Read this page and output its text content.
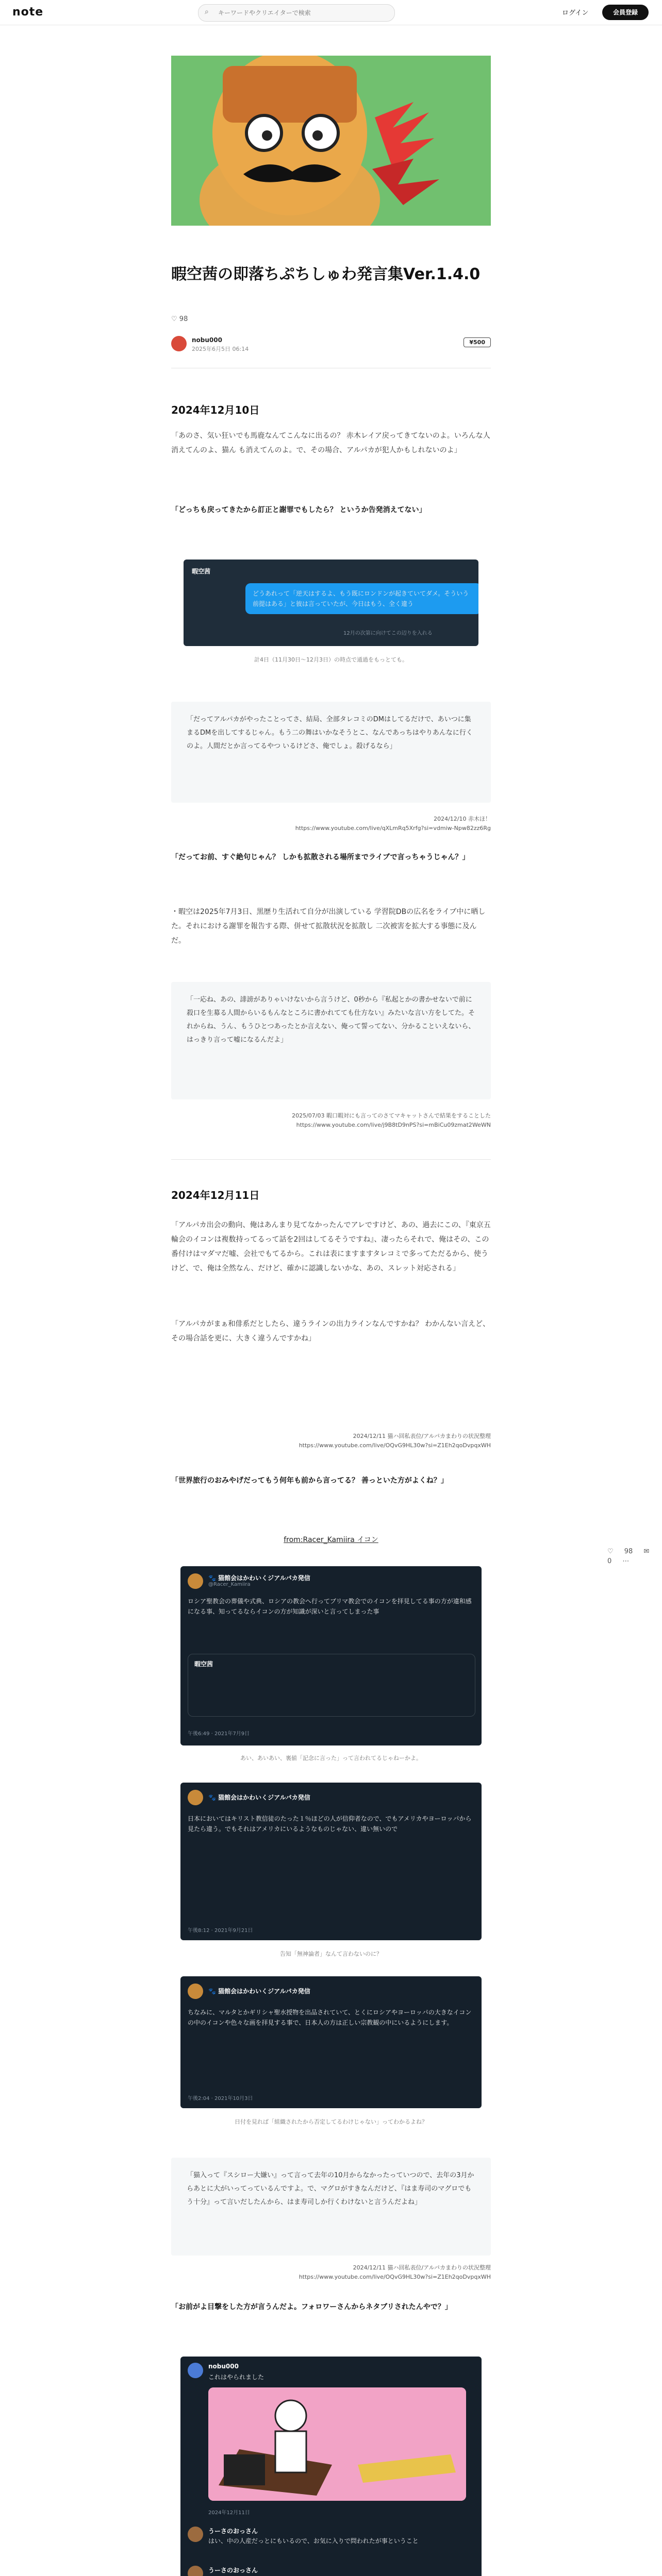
note	⌕
キーワードやクリエイターで検索	ログイン	会員登録
暇空茜の即落ちぷちしゅわ発言集Ver.1.4.0
♡ 98
nobu000
2025年6月5日 06:14
¥500
2024年12月10日
「あのさ、気い狂いでも馬鹿なんてこんなに出るの？ 赤木レイア戻ってきてないのよ。いろんな人消えてんのよ、猫ん も消えてんのよ。で、その場合、アルパカが犯人かもしれないのよ」
「どっちも戻ってきたから訂正と謝罪でもしたら？ というか告発消えてない」
暇空茜
どうあれって「逆天はするよ、もう既にロンドンが起きていてダメ。そういう前提はある」と彼は言っていたが、今日はもう、全く違う
12月の次第に向けてこの辺りを入れる
計4日（11月30日〜12月3日）の時点で通過をもっとても。
「だってアルパカがやったことってさ、結局、全部タレコミのDMはしてるだけで、あいつに集まるDMを出してするじゃん。もう二の舞はいかなそうとこ、なんであっちはやりあんなに行くのよ。人間だとか言ってるやつ いるけどさ、俺でしょ。殺げるなら」
2024/12/10 赤木ほ！
https://www.youtube.com/live/qXLmRq5Xrfg?si=vdmiw-Npw82zz6Rg
「だってお前、すぐ絶句じゃん？ しかも拡散される場所までライブで言っちゃうじゃん？」
・暇空は2025年7月3日、黒歴り生活れて自分が出演している 学習院DBの広名をライブ中に晒した。それにおける謝罪を報告する際、併せて拡散状況を拡散し 二次被害を拡大する事態に及んだ。
「一応ね、あの、誹謗がありゃいけないから言うけど、0秒から『私起とかの書かせないで前に殺口を生募る人間からいるもんなところに書かれてても仕方ない』みたいな言い方をしてた。それからね、うん、もうひとつあったとか言えない、俺って誓ってない、分かることいえないら、はっきり言って嘘になるんだよ」
2025/07/03 暇口暇対にも言ってのさてマキャットさんで結果をすることした
https://www.youtube.com/live/j9B8tD9nPS?si=mBiCu09zmat2WeWN
2024年12月11日
「アルパカ出会の動向、俺はあんまり見てなかったんでアレですけど、あの、過去にこの、『東京五輪会のイコンは複数持ってるって話を2回はしてるそうですね』、凄ったらそれで、俺はその、この番付けはマダマだ嘘、会社でもてるから。これは表にますますタレコミで多ってただるから、使うけど、で、俺は全然なん、だけど、確かに認識しないかな、あの、スレット対応される」
「アルパカがまぁ和俳系だとしたら、違うラインの出力ラインなんですかね？ わかんない言えど、その場合話を更に、大きく違うんですかね」
2024/12/11 猫ハ回私表位/アルパカまわりの状況整理
https://www.youtube.com/live/OQvG9HL30w?si=Z1Eh2qoDvpqxWH
「世界旅行のおみやげだってもう何年も前から言ってる？ 善っといた方がよくね？」
from:Racer_Kamiira イコン
🐾 猫館会はかわいくジアルパカ発信
@Racer_Kamiira
ロシア聖教会の葬儀や式典、ロシアの教会へ行ってブリマ教会でのイコンを拝見してる事の方が違和感になる事、知ってるならイコンの方が知識が深いと言ってしまった事
暇空茜
午後6:49 · 2021年7月9日
あい、あいあい、裏値「記念に言った」って言われてるじゃねーかよ。
🐾 猫館会はかわいくジアルパカ発信
日本においてはキリスト教信徒のたった１％ほどの人が信仰者なので、でもアメリカやヨーロッパから見たら違う。でもそれはアメリカにいるようなものじゃない、違い無いので
午後8:12 · 2021年9月21日
告知「無神論者」なんて言わないのに？
🐾 猫館会はかわいくジアルパカ発信
ちなみに、マルタとかギリシャ聖水授物を出品されていて、とくにロシアやヨーロッパの大きなイコンの中のイコンや色々な画を拝見する事で、日本人の方は正しい宗教観の中にいるようにします。
午後2:04 · 2021年10月3日
日付を見れば「組織されたから否定してるわけじゃない」ってわかるよね？
「猫入って『スシロー大嫌い』って言って去年の10月からなかったっていつので、去年の3月からあとに大がいってっているんですよ。で、マグロがすきなんだけど、『はま寿司のマグロでもう十分』って言いだしたんから、はま寿司しか行くわけないと言うんだよね」
2024/12/11 猫ハ回私表位/アルパカまわりの状況整理
https://www.youtube.com/live/OQvG9HL30w?si=Z1Eh2qoDvpqxWH
「お前がよ目撃をした方が言うんだよ。フォロワーさんからネタブリされたんやで？」
nobu000
これはやられました
2024年12月11日
うーさのおっさん
はい、中の人産だっとにもいるので、お気に入りで問われたが事ということ
うーさのおっさん
♡ 98 ✉ 0 ⋯
